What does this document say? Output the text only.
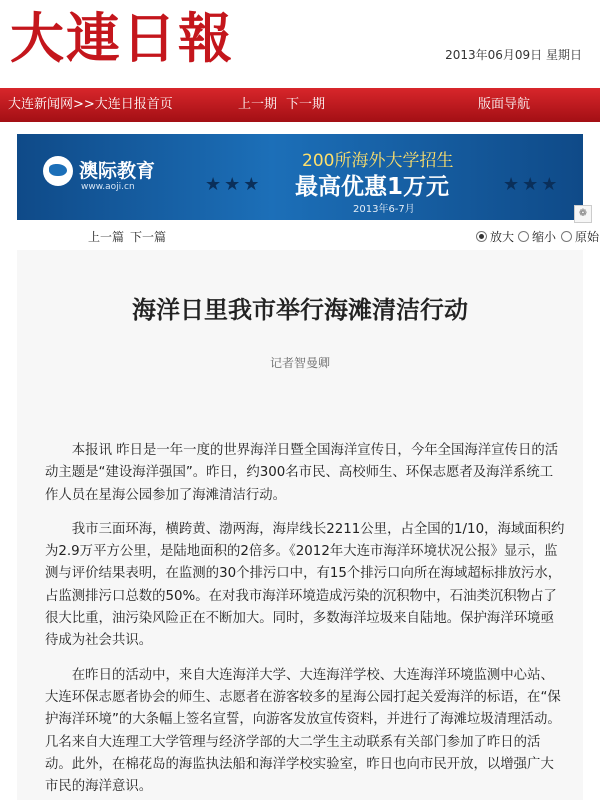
大連日報	2013年06月09日 星期日
大连新闻网>>大连日报首页	上一期 下一期	版面导航
澳际教育
www.aoji.cn	★★★
200所海外大学招生
最高优惠1万元
2013年6-7月
★★★
❁
上一篇 下一篇	放大	缩小	原始
海洋日里我市举行海滩清洁行动
记者智曼卿

本报讯 昨日是一年一度的世界海洋日暨全国海洋宣传日，今年全国海洋宣传日的活动主题是“建设海洋强国”。昨日，约300名市民、高校师生、环保志愿者及海洋系统工作人员在星海公园参加了海滩清洁行动。

我市三面环海，横跨黄、渤两海，海岸线长2211公里，占全国的1/10，海域面积约为2.9万平方公里，是陆地面积的2倍多。《2012年大连市海洋环境状况公报》显示，监测与评价结果表明，在监测的30个排污口中，有15个排污口向所在海域超标排放污水，占监测排污口总数的50%。在对我市海洋环境造成污染的沉积物中，石油类沉积物占了很大比重，油污染风险正在不断加大。同时，多数海洋垃圾来自陆地。保护海洋环境亟待成为社会共识。

在昨日的活动中，来自大连海洋大学、大连海洋学校、大连海洋环境监测中心站、大连环保志愿者协会的师生、志愿者在游客较多的星海公园打起关爱海洋的标语，在“保护海洋环境”的大条幅上签名宣誓，向游客发放宣传资料，并进行了海滩垃圾清理活动。几名来自大连理工大学管理与经济学部的大二学生主动联系有关部门参加了昨日的活动。此外，在棉花岛的海监执法船和海洋学校实验室，昨日也向市民开放，以增强广大市民的海洋意识。
